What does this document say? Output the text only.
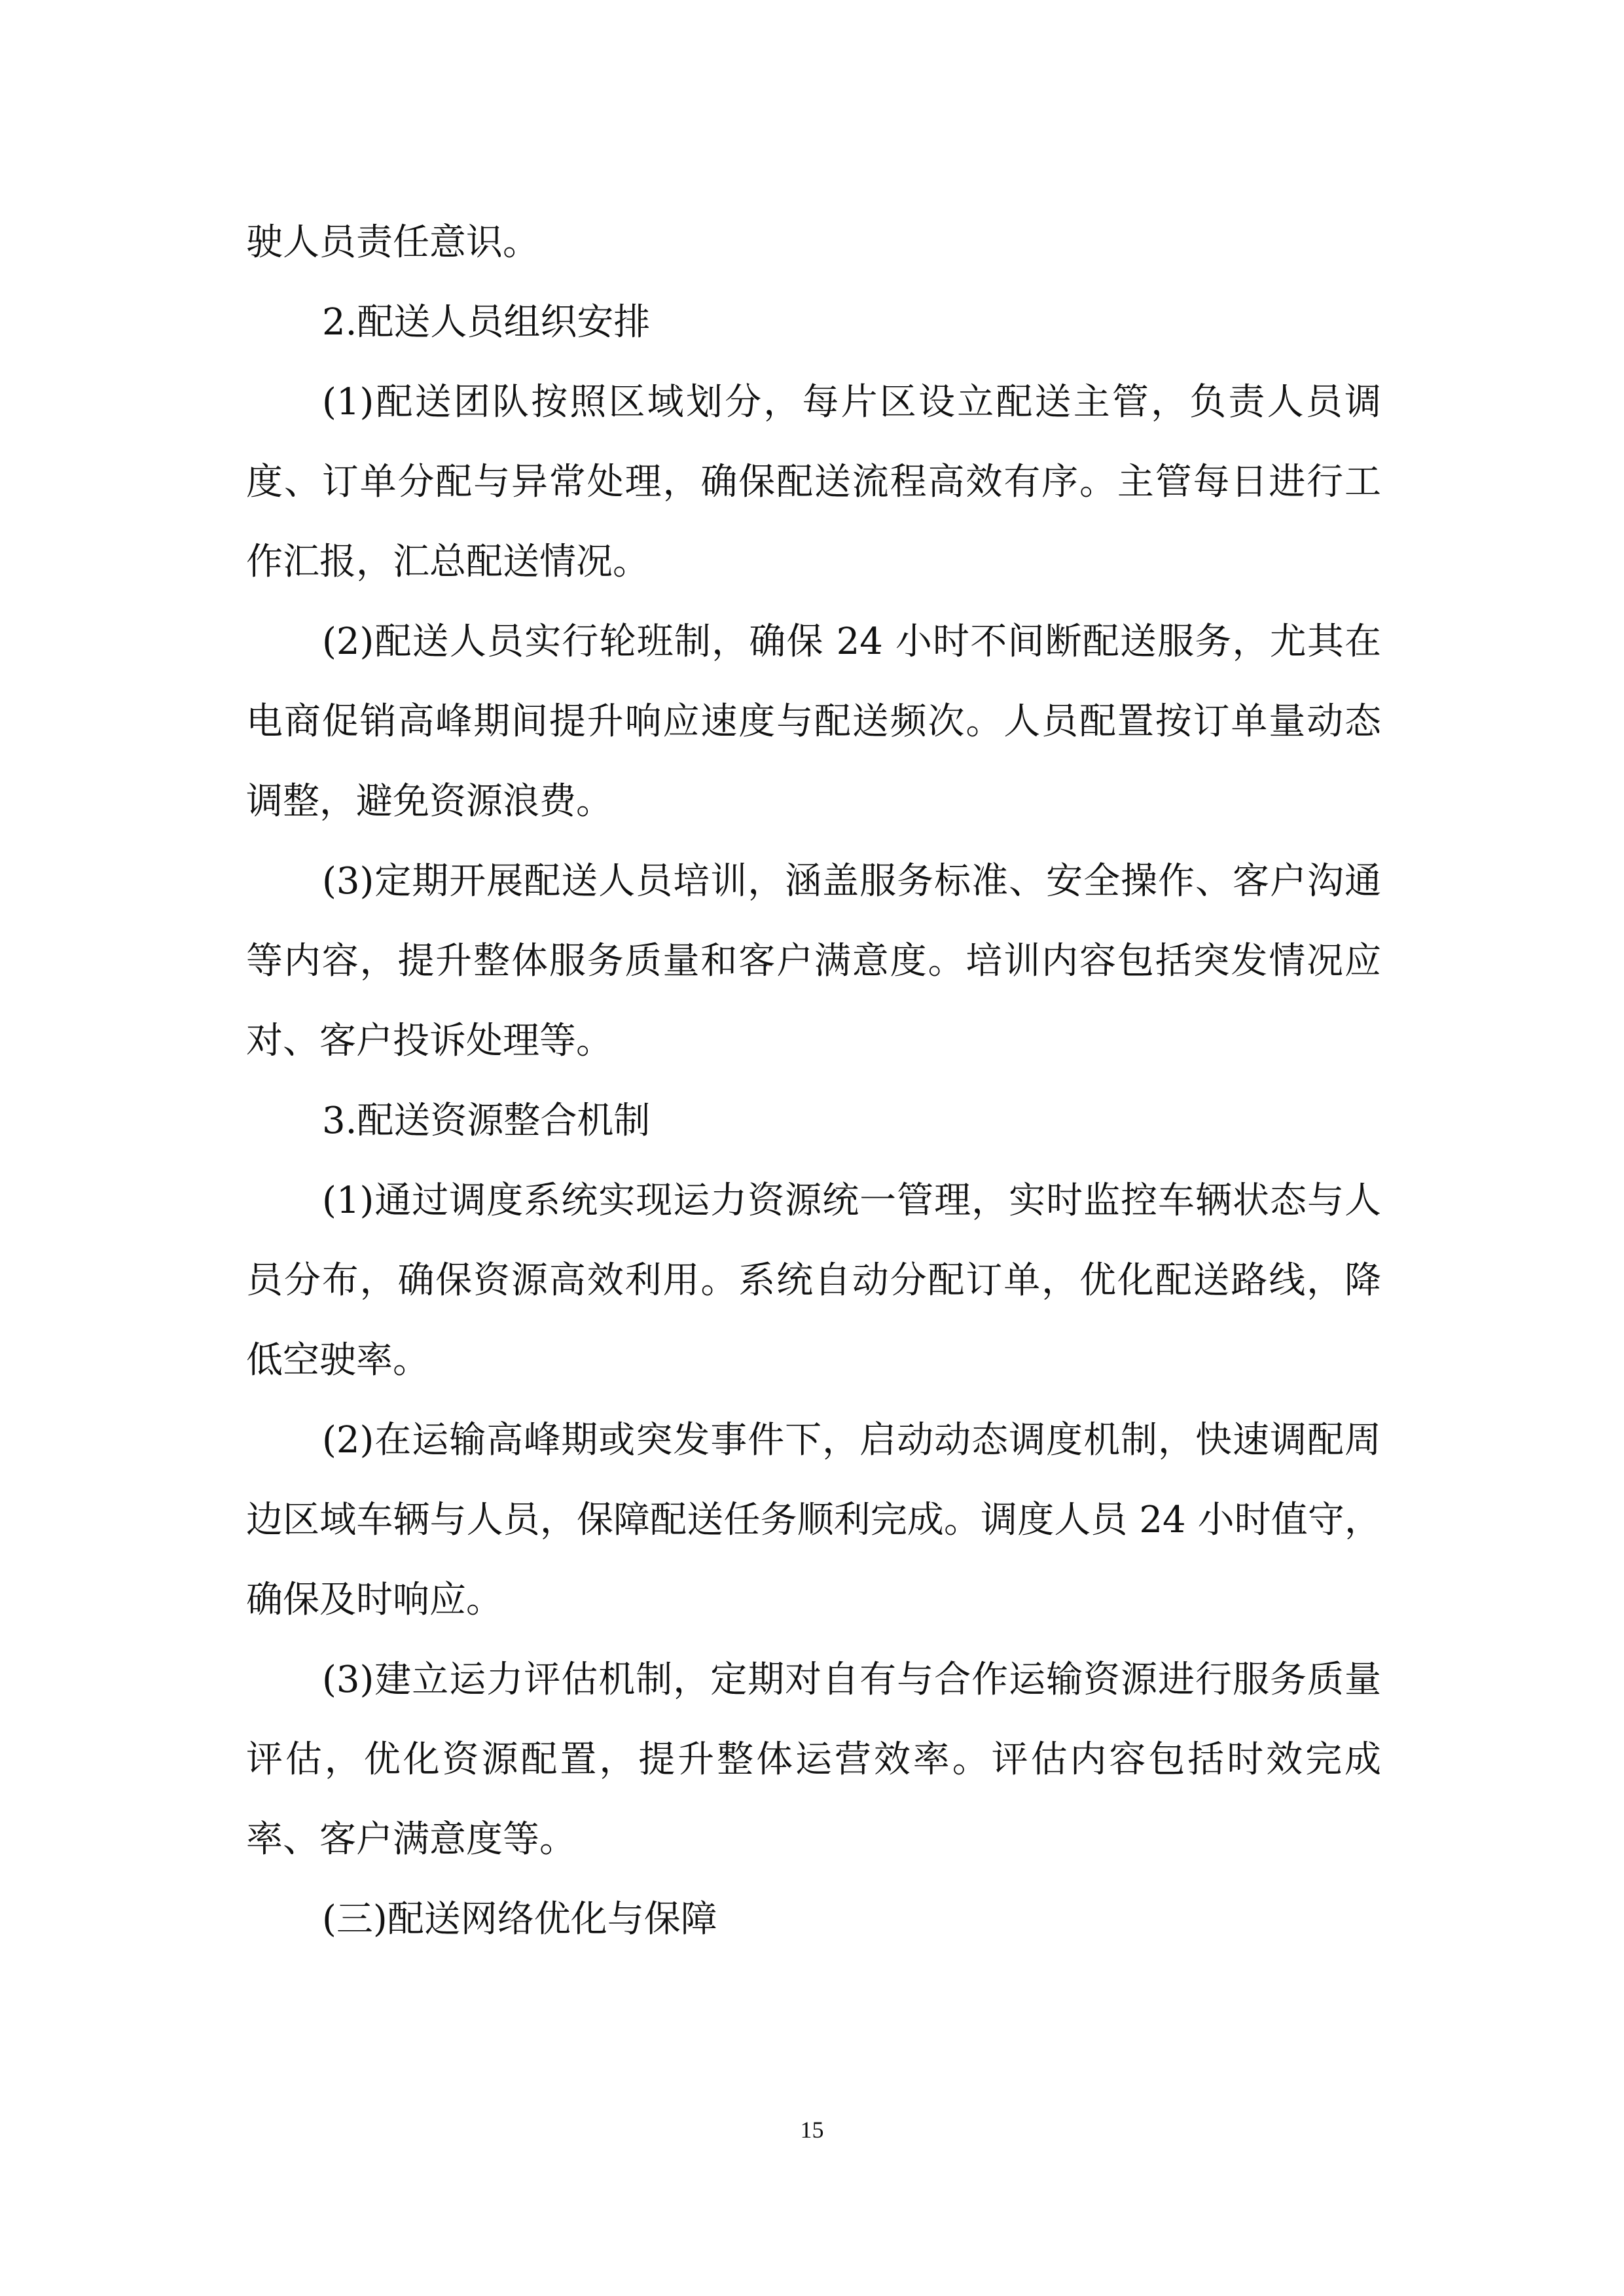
驶人员责任意识。

2.配送人员组织安排

(1)配送团队按照区域划分，每片区设立配送主管，负责人员调度、订单分配与异常处理，确保配送流程高效有序。主管每日进行工作汇报，汇总配送情况。

(2)配送人员实行轮班制，确保 24 小时不间断配送服务，尤其在电商促销高峰期间提升响应速度与配送频次。人员配置按订单量动态调整，避免资源浪费。

(3)定期开展配送人员培训，涵盖服务标准、安全操作、客户沟通等内容，提升整体服务质量和客户满意度。培训内容包括突发情况应对、客户投诉处理等。

3.配送资源整合机制

(1)通过调度系统实现运力资源统一管理，实时监控车辆状态与人员分布，确保资源高效利用。系统自动分配订单，优化配送路线，降低空驶率。

(2)在运输高峰期或突发事件下，启动动态调度机制，快速调配周边区域车辆与人员，保障配送任务顺利完成。调度人员 24 小时值守，确保及时响应。

(3)建立运力评估机制，定期对自有与合作运输资源进行服务质量评估，优化资源配置，提升整体运营效率。评估内容包括时效完成率、客户满意度等。

(三)配送网络优化与保障

15
